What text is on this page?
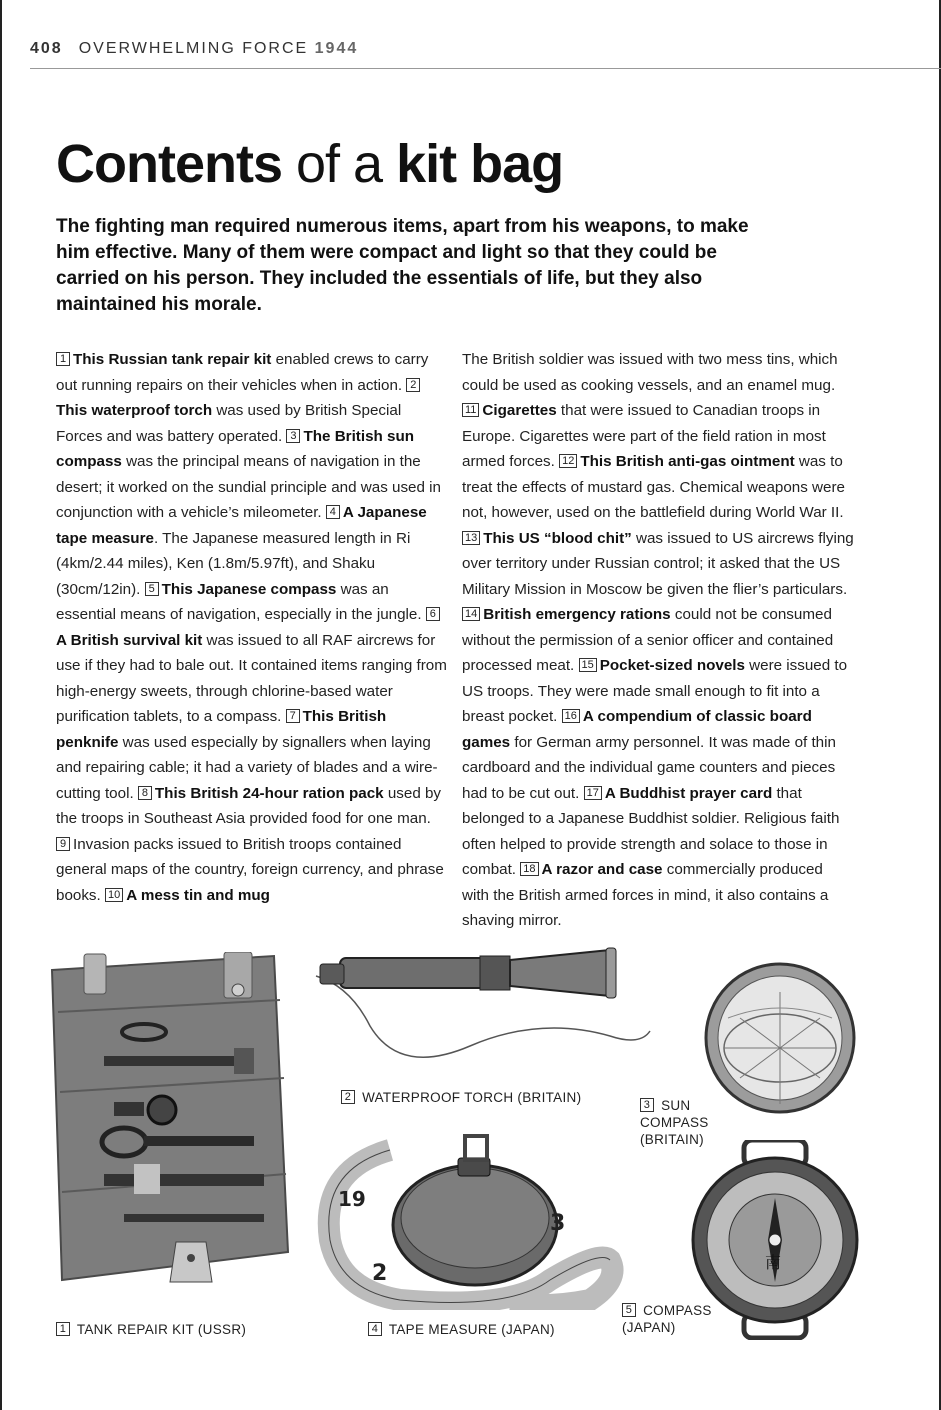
408 OVERWHELMING FORCE 1944
Contents of a kit bag

The fighting man required numerous items, apart from his weapons, to make him effective. Many of them were compact and light so that they could be carried on his person. They included the essentials of life, but they also maintained his morale.

1 This Russian tank repair kit enabled crews to carry out running repairs on their vehicles when in action. 2This waterproof torch was used by British Special Forces and was battery operated. 3 The British sun compass was the principal means of navigation in the desert; it worked on the sundial principle and was used in conjunction with a vehicle’s mileometer. 4 A Japanese tape measure. The Japanese measured length in Ri (4km/2.44 miles), Ken (1.8m/5.97ft), and Shaku (30cm/12in). 5 This Japanese compass was an essential means of navigation, especially in the jungle. 6A British survival kit was issued to all RAF aircrews for use if they had to bale out. It contained items ranging from high-energy sweets, through chlorine-based water purification tablets, to a compass. 7 This British penknife was used especially by signallers when laying and repairing cable; it had a variety of blades and a wire-cutting tool. 8 This British 24-hour ration pack used by the troops in Southeast Asia provided food for one man. 9 Invasion packs issued to British troops contained general maps of the country, foreign currency, and phrase books. 10 A mess tin and mug

The British soldier was issued with two mess tins, which could be used as cooking vessels, and an enamel mug. 11 Cigarettes that were issued to Canadian troops in Europe. Cigarettes were part of the field ration in most armed forces. 12 This British anti-gas ointment was to treat the effects of mustard gas. Chemical weapons were not, however, used on the battlefield during World War II. 13 This US “blood chit” was issued to US aircrews flying over territory under Russian control; it asked that the US Military Mission in Moscow be given the flier’s particulars. 14 British emergency rations could not be consumed without the permission of a senior officer and contained processed meat. 15 Pocket-sized novels were issued to US troops. They were made small enough to fit into a breast pocket. 16 A compendium of classic board games for German army personnel. It was made of thin cardboard and the individual game counters and pieces had to be cut out. 17 A Buddhist prayer card that belonged to a Japanese Buddhist soldier. Religious faith often helped to provide strength and solace to those in combat. 18 A razor and case commercially produced with the British armed forces in mind, it also contains a shaving mirror.

19
2
3
南
1 TANK REPAIR KIT (USSR)
2 WATERPROOF TORCH (BRITAIN)	3 SUN
COMPASS
(BRITAIN)
4 TAPE MEASURE (JAPAN)
5 COMPASS
(JAPAN)
